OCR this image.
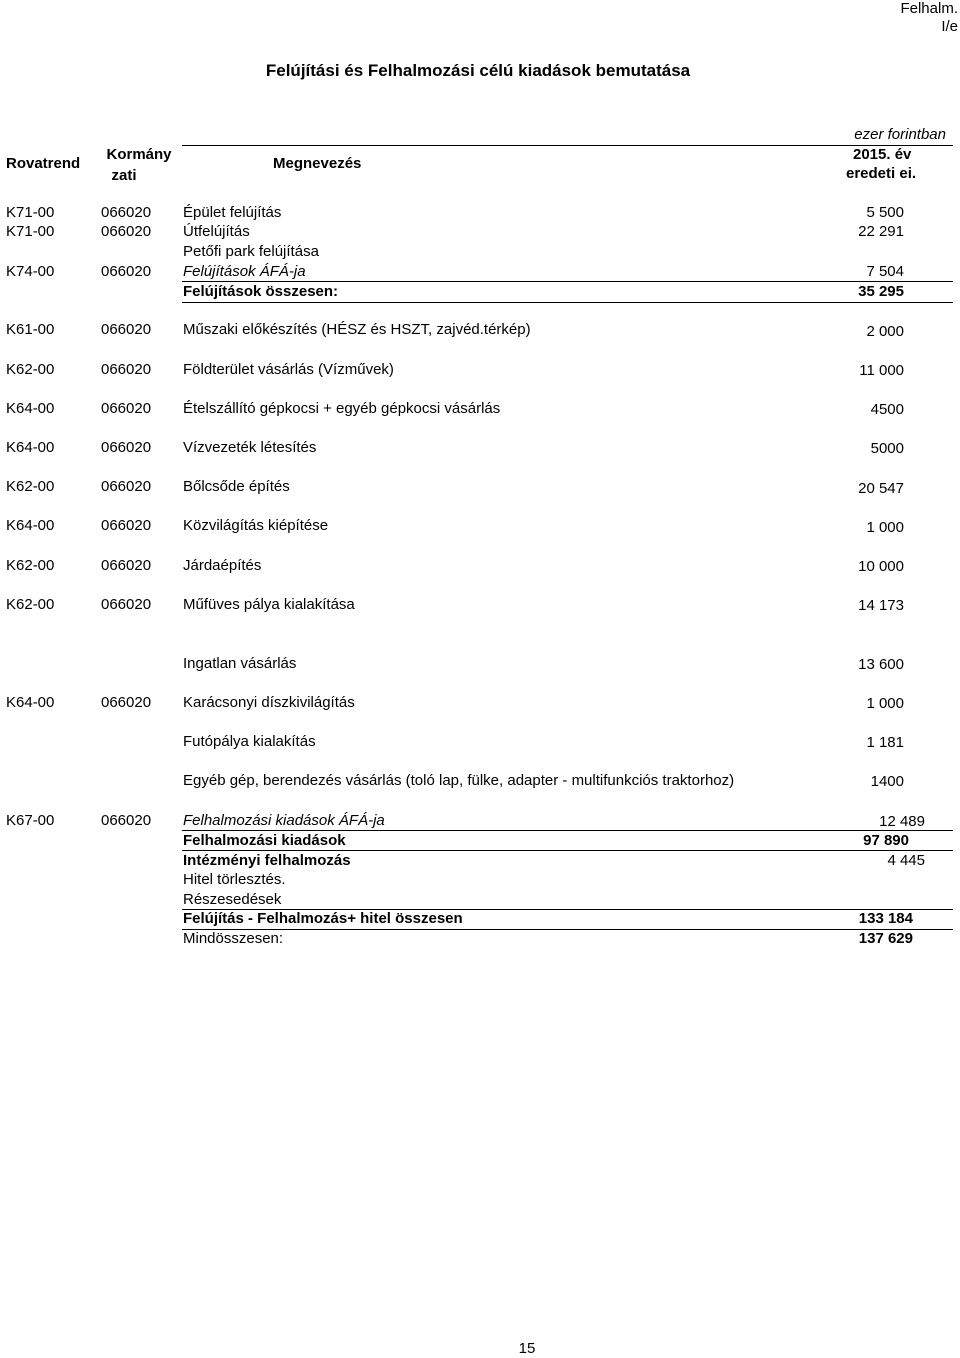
Felhalm.
I/e
Felújítási és Felhalmozási célú kiadások bemutatása
ezer forintban
Rovatrend
Kormány
zati
Megnevezés
2015. év
eredeti ei.
K71-00	066020 Épület felújítás	5 500
K71-00	066020 Útfelújítás	22 291
Petőfi park felújítása
K74-00	066020 Felújítások ÁFÁ-ja	7 504
Felújítások összesen:	35 295
K61-00	066020 Műszaki előkészítés (HÉSZ és HSZT, zajvéd.térkép)	2 000
K62-00	066020 Földterület vásárlás (Vízművek)	11 000
K64-00	066020 Ételszállító gépkocsi + egyéb gépkocsi vásárlás	4500
K64-00	066020 Vízvezeték létesítés	5000
K62-00	066020 Bőlcsőde építés	20 547
K64-00	066020 Közvilágítás kiépítése	1 000
K62-00	066020 Járdaépítés	10 000
K62-00	066020 Műfüves pálya kialakítása	14 173
Ingatlan vásárlás	13 600
K64-00	066020 Karácsonyi díszkivilágítás	1 000
Futópálya kialakítás	1 181
Egyéb gép, berendezés vásárlás (toló lap, fülke, adapter - multifunkciós traktorhoz)	1400
K67-00	066020 Felhalmozási kiadások ÁFÁ-ja	12 489
Felhalmozási kiadások	97 890
Intézményi felhalmozás	4 445
Hitel törlesztés.
Részesedések
Felújítás - Felhalmozás+ hitel összesen	133 184
Mindösszesen:	137 629
15
